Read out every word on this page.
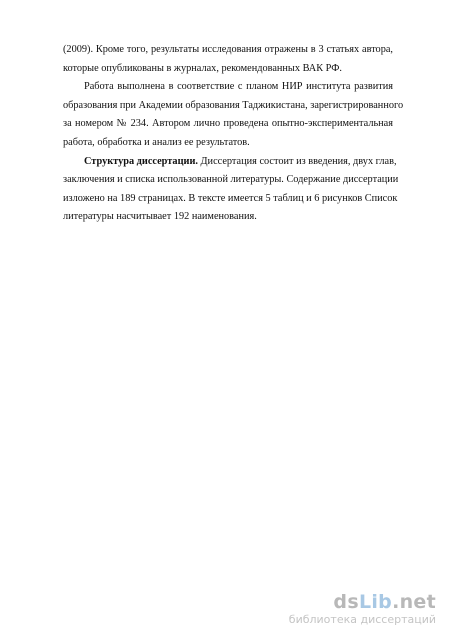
(2009). Кроме того, результаты исследования отражены в 3 статьях автора,
которые опубликованы в журналах, рекомендованных ВАК РФ.
Работа выполнена в соответствие с планом НИР института развития
образования при Академии образования Таджикистана, зарегистрированного
за номером № 234. Автором лично проведена опытно-экспериментальная
работа, обработка и анализ ее результатов.
Структура диссертации. Диссертация состоит из введения, двух глав,
заключения и списка использованной литературы. Содержание диссертации
изложено на 189 страницах. В тексте имеется 5 таблиц и 6 рисунков Список
литературы насчитывает 192 наименования.
dsLib.net
библиотека диссертаций
